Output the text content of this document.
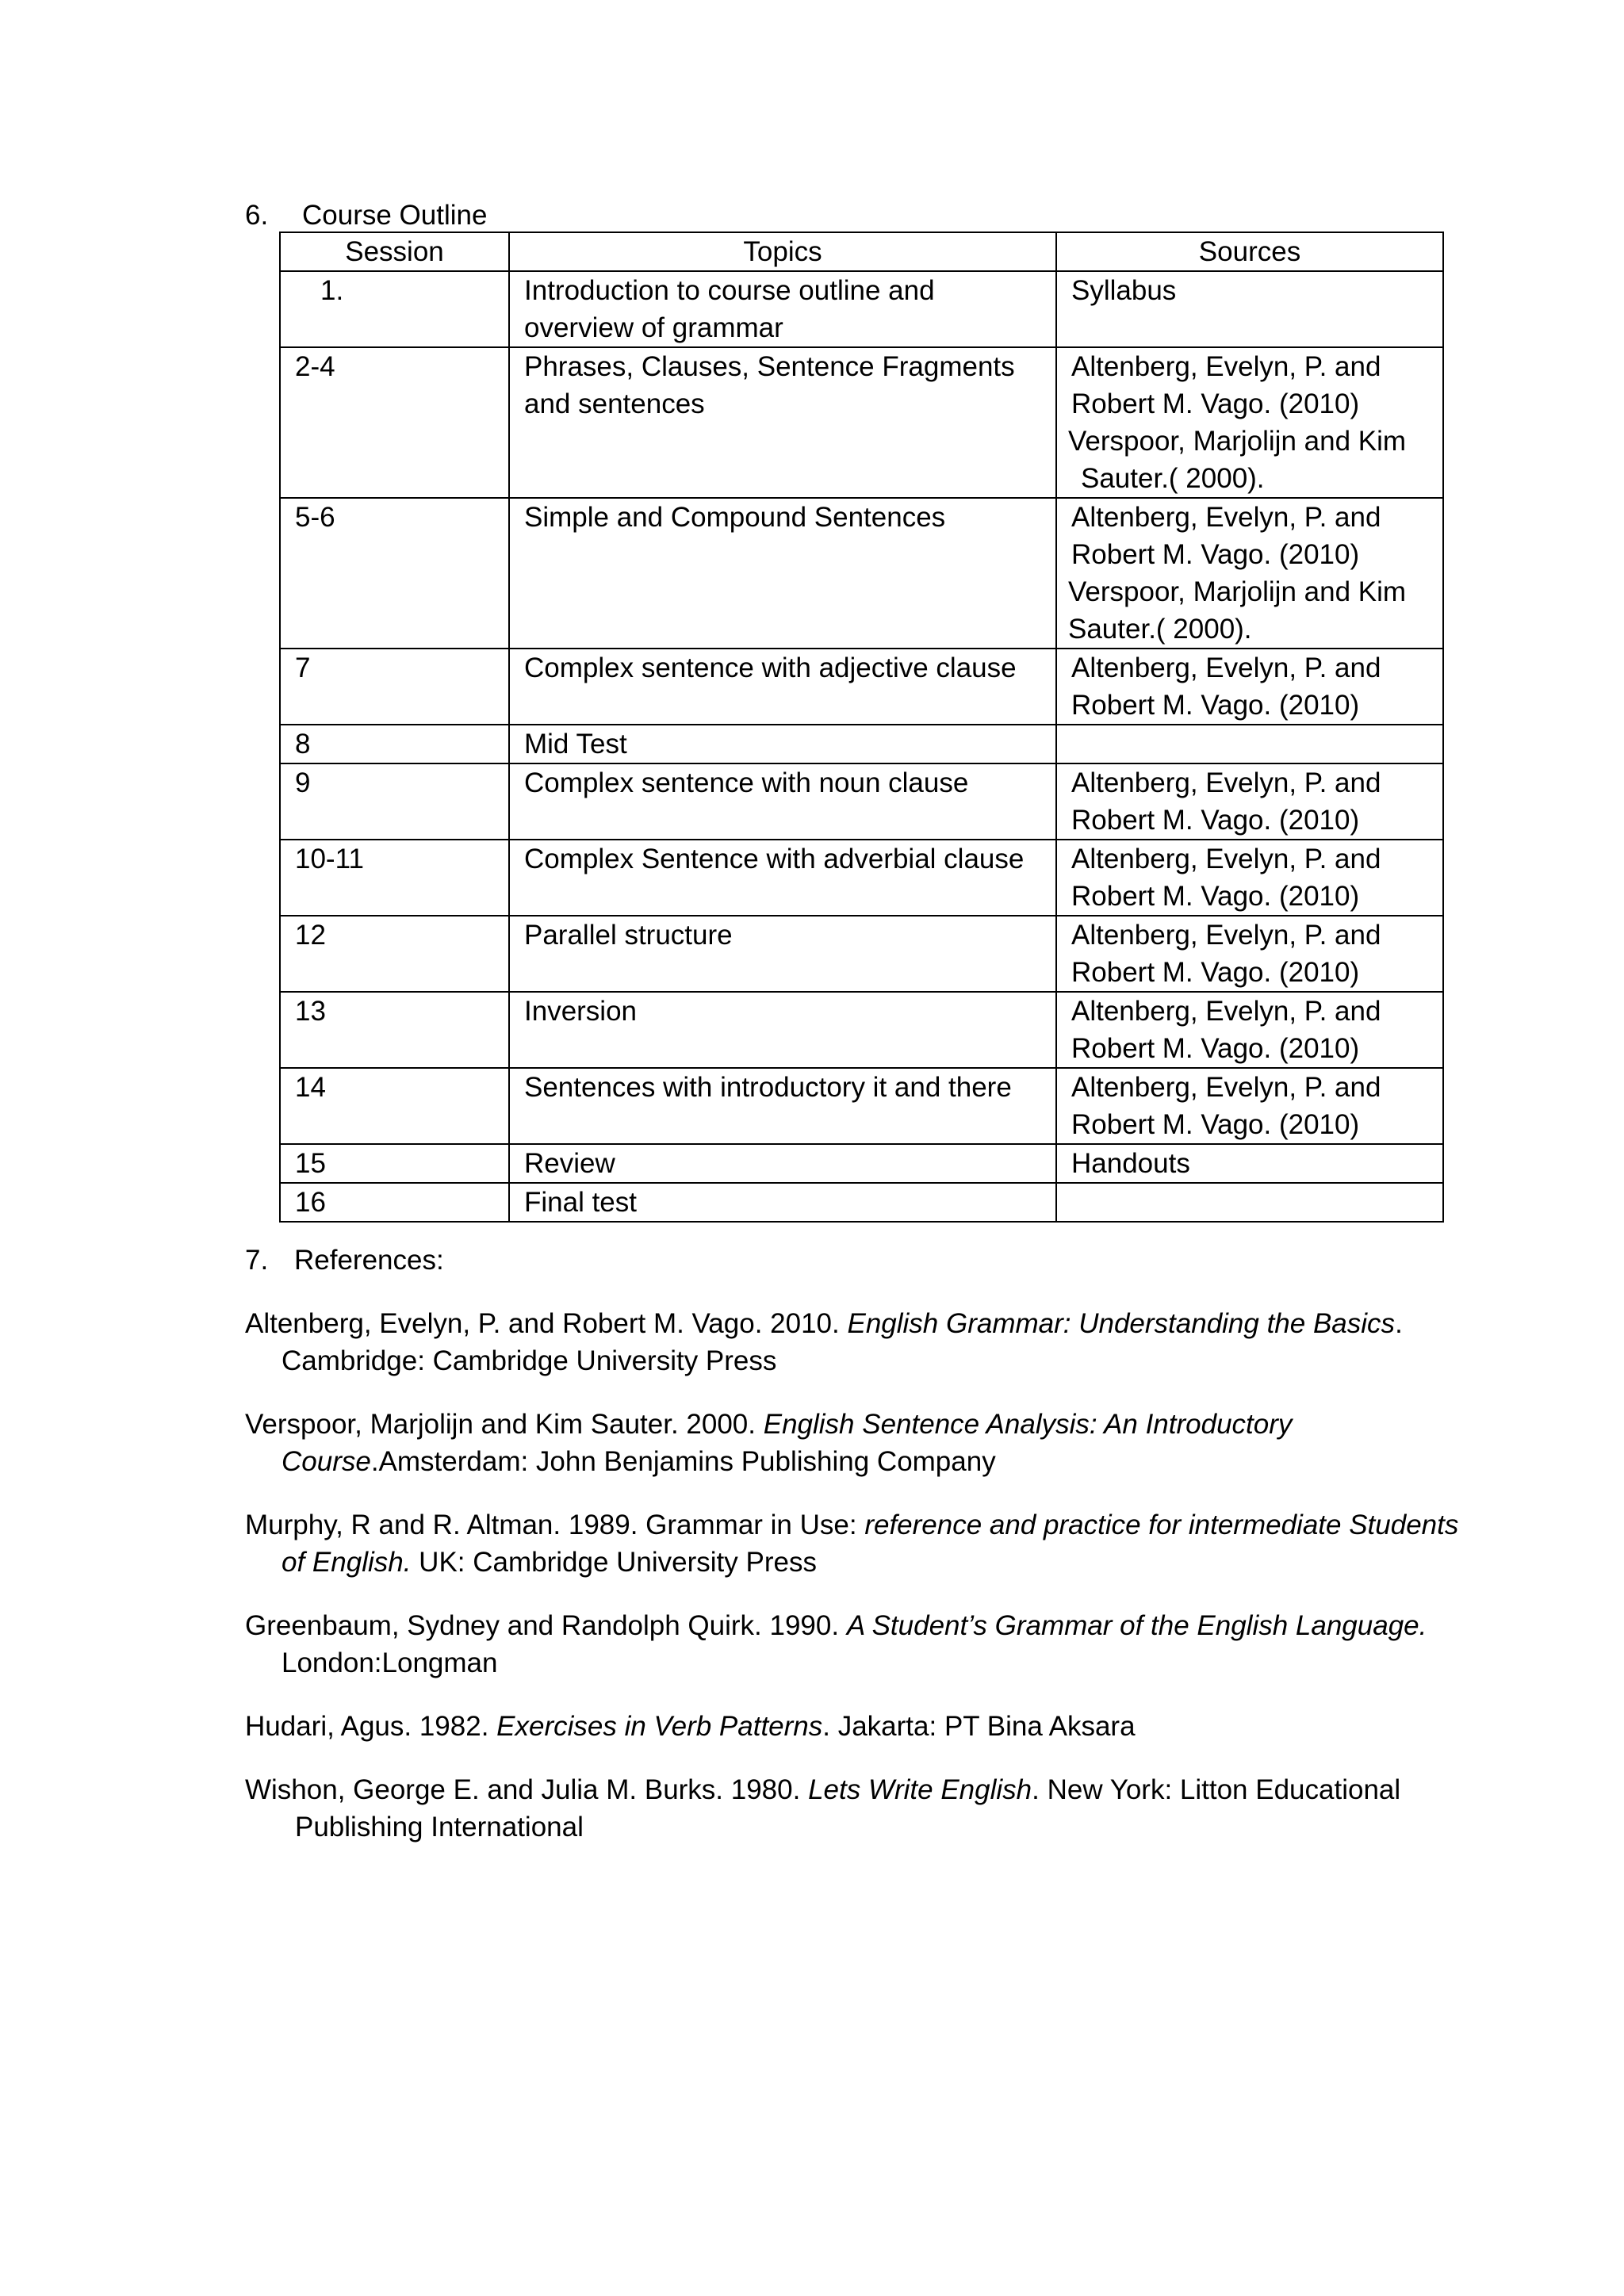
6. Course Outline
Session	Topics	Sources
1.	Introduction to course outline and overview of grammar	Syllabus

2-4	Phrases, Clauses, Sentence Fragments and sentences	Altenberg, Evelyn, P. and
Robert M. Vago. (2010)
Verspoor, Marjolijn and Kim
Sauter.( 2000).

5-6	Simple and Compound Sentences	Altenberg, Evelyn, P. and
Robert M. Vago. (2010)
Verspoor, Marjolijn and Kim
Sauter.( 2000).

7	Complex sentence with adjective clause	Altenberg, Evelyn, P. and
Robert M. Vago. (2010)

8	Mid Test	
9	Complex sentence with noun clause	Altenberg, Evelyn, P. and
Robert M. Vago. (2010)

10-11	Complex Sentence with adverbial clause	Altenberg, Evelyn, P. and
Robert M. Vago. (2010)

12	Parallel structure	Altenberg, Evelyn, P. and
Robert M. Vago. (2010)

13	Inversion	Altenberg, Evelyn, P. and
Robert M. Vago. (2010)

14	Sentences with introductory it and there	Altenberg, Evelyn, P. and
Robert M. Vago. (2010)

15	Review	Handouts

16	Final test	
7. References:

Altenberg, Evelyn, P. and Robert M. Vago. 2010. English Grammar: Understanding the Basics. Cambridge: Cambridge University Press

Verspoor, Marjolijn and Kim Sauter. 2000. English Sentence Analysis: An Introductory Course.Amsterdam: John Benjamins Publishing Company

Murphy, R and R. Altman. 1989. Grammar in Use: reference and practice for intermediate Students of English. UK: Cambridge University Press

Greenbaum, Sydney and Randolph Quirk. 1990. A Student’s Grammar of the English Language. London:Longman

Hudari, Agus. 1982. Exercises in Verb Patterns. Jakarta: PT Bina Aksara

Wishon, George E. and Julia M. Burks. 1980. Lets Write English. New York: Litton Educational Publishing International
